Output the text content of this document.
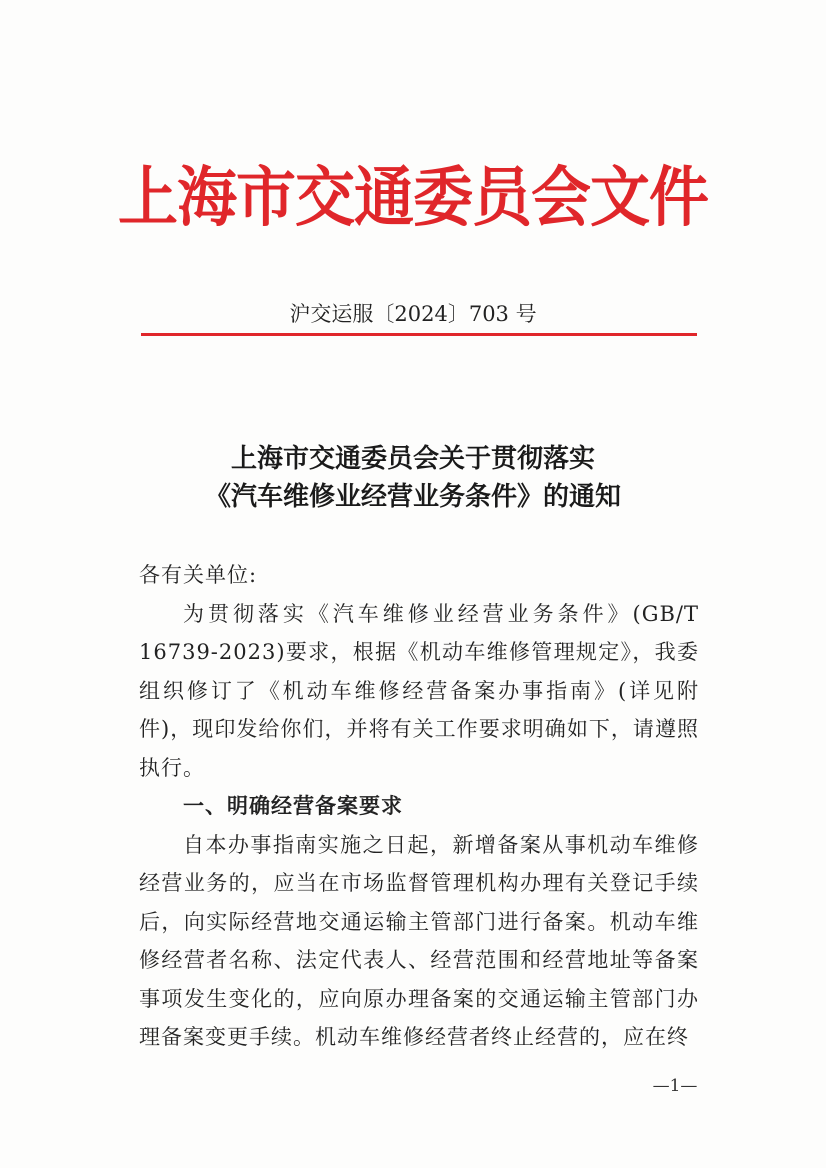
上海市交通委员会文件
沪交运服〔2024〕703 号
上海市交通委员会关于贯彻落实
《汽车维修业经营业务条件》的通知

各有关单位:

为贯彻落实《汽车维修业经营业务条件》(GB/T 16739-2023)要求，根据《机动车维修管理规定》，我委组织修订了《机动车维修经营备案办事指南》(详见附件)，现印发给你们，并将有关工作要求明确如下，请遵照执行。

一、明确经营备案要求

自本办事指南实施之日起，新增备案从事机动车维修经营业务的，应当在市场监督管理机构办理有关登记手续后，向实际经营地交通运输主管部门进行备案。机动车维修经营者名称、法定代表人、经营范围和经营地址等备案事项发生变化的，应向原办理备案的交通运输主管部门办理备案变更手续。机动车维修经营者终止经营的，应在终

—1—
